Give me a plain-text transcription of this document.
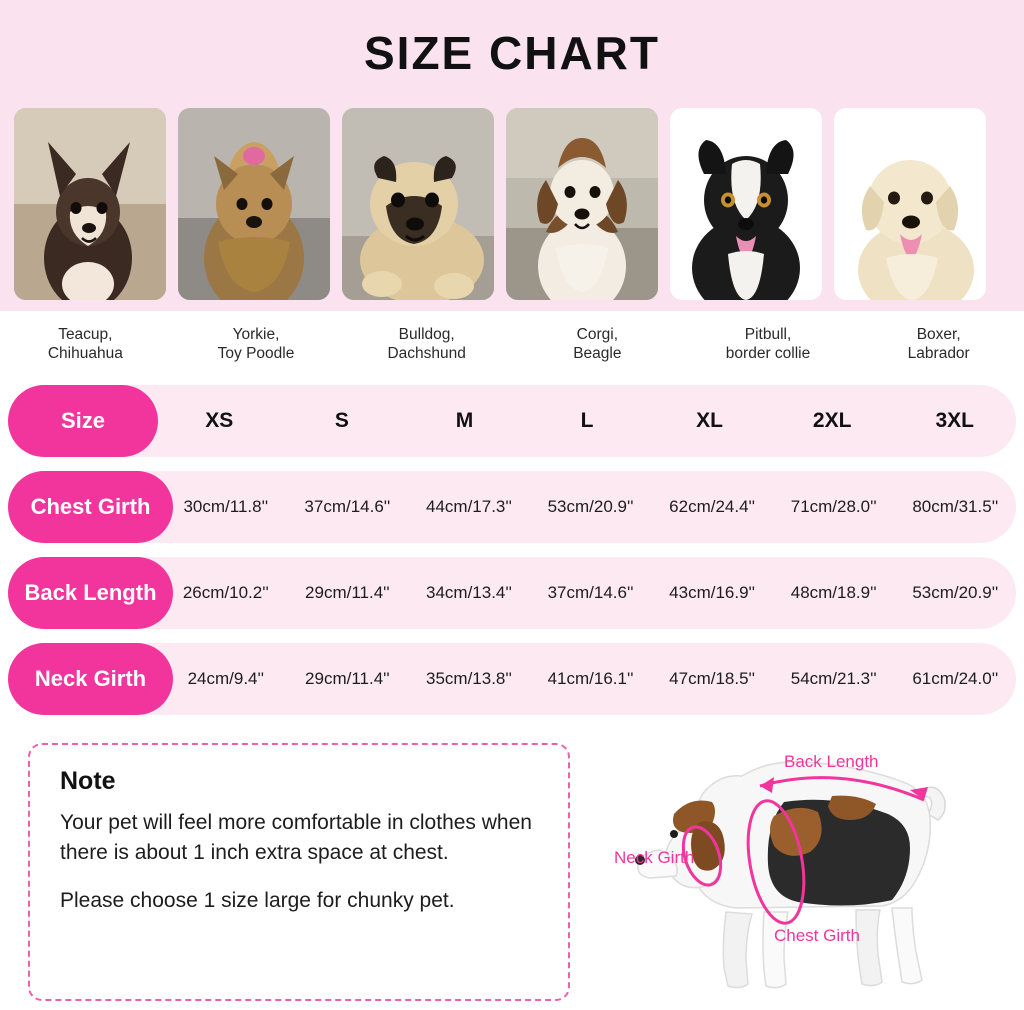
SIZE CHART
Teacup,
Chihuahua
Yorkie,
Toy Poodle
Bulldog,
Dachshund
Corgi,
Beagle
Pitbull,
border collie
Boxer,
Labrador
Size	XS	S	M	L	XL	2XL	3XL
Chest Girth	30cm/11.8''	37cm/14.6''	44cm/17.3''	53cm/20.9''	62cm/24.4''	71cm/28.0''	80cm/31.5''
Back Length	26cm/10.2''	29cm/11.4''	34cm/13.4''	37cm/14.6''	43cm/16.9''	48cm/18.9''	53cm/20.9''
Neck Girth	24cm/9.4''	29cm/11.4''	35cm/13.8''	41cm/16.1''	47cm/18.5''	54cm/21.3''	61cm/24.0''
Note

Your pet will feel more comfortable in clothes when there is about 1 inch extra space at chest.

Please choose 1 size large for chunky pet.

Back Length
Neck Girth
Chest Girth
